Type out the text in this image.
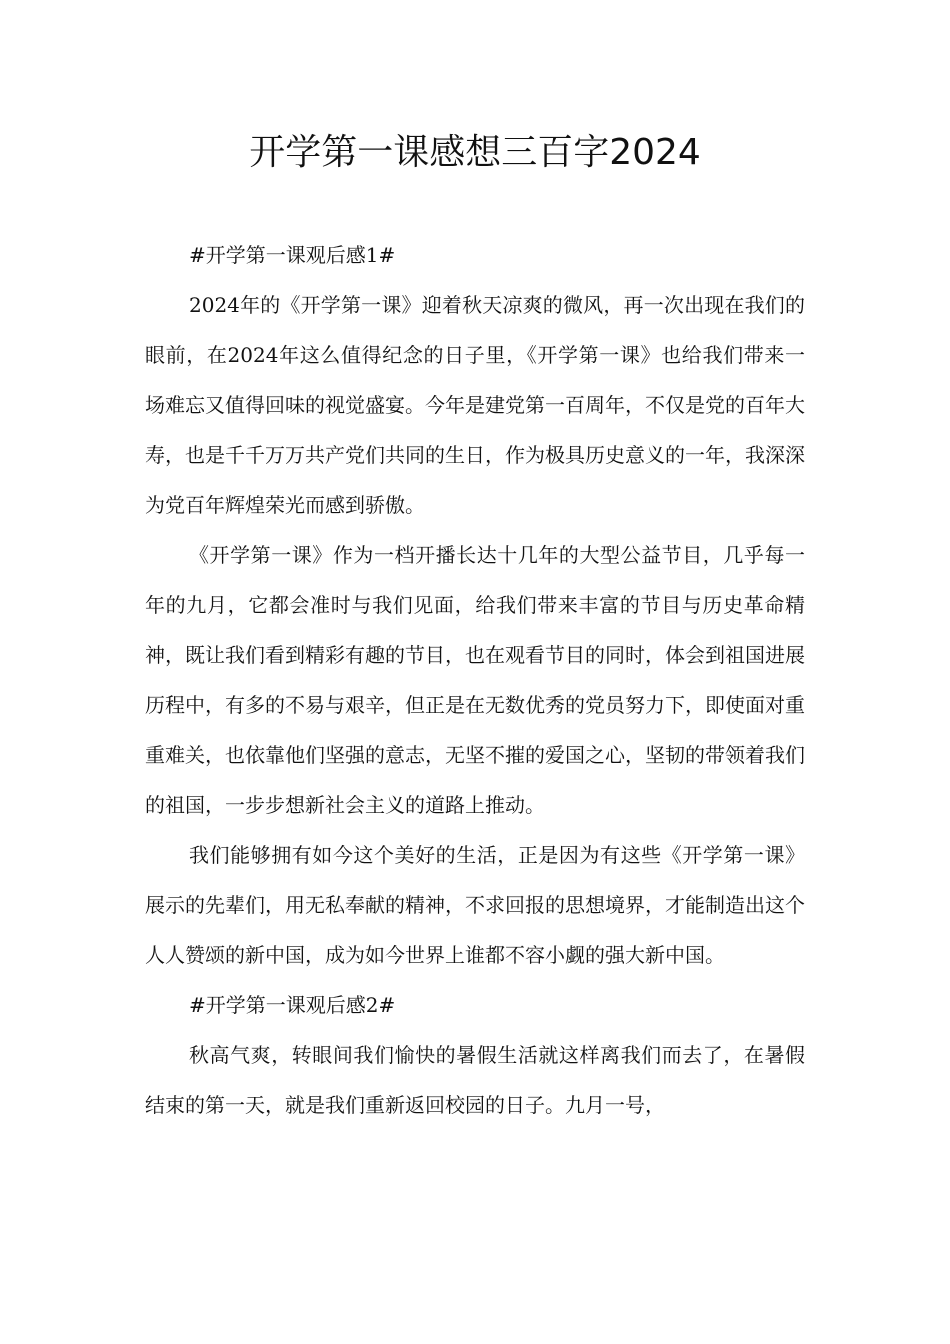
开学第一课感想三百字2024

#开学第一课观后感1#

2024年的《开学第一课》迎着秋天凉爽的微风，再一次出现在我们的眼前，在2024年这么值得纪念的日子里，《开学第一课》也给我们带来一场难忘又值得回味的视觉盛宴。今年是建党第一百周年，不仅是党的百年大寿，也是千千万万共产党们共同的生日，作为极具历史意义的一年，我深深为党百年辉煌荣光而感到骄傲。

《开学第一课》作为一档开播长达十几年的大型公益节目，几乎每一年的九月，它都会准时与我们见面，给我们带来丰富的节目与历史革命精神，既让我们看到精彩有趣的节目，也在观看节目的同时，体会到祖国进展历程中，有多的不易与艰辛，但正是在无数优秀的党员努力下，即使面对重重难关，也依靠他们坚强的意志，无坚不摧的爱国之心，坚韧的带领着我们的祖国，一步步想新社会主义的道路上推动。

我们能够拥有如今这个美好的生活，正是因为有这些《开学第一课》展示的先辈们，用无私奉献的精神，不求回报的思想境界，才能制造出这个人人赞颂的新中国，成为如今世界上谁都不容小觑的强大新中国。

#开学第一课观后感2#

秋高气爽，转眼间我们愉快的暑假生活就这样离我们而去了，在暑假结束的第一天，就是我们重新返回校园的日子。九月一号，
